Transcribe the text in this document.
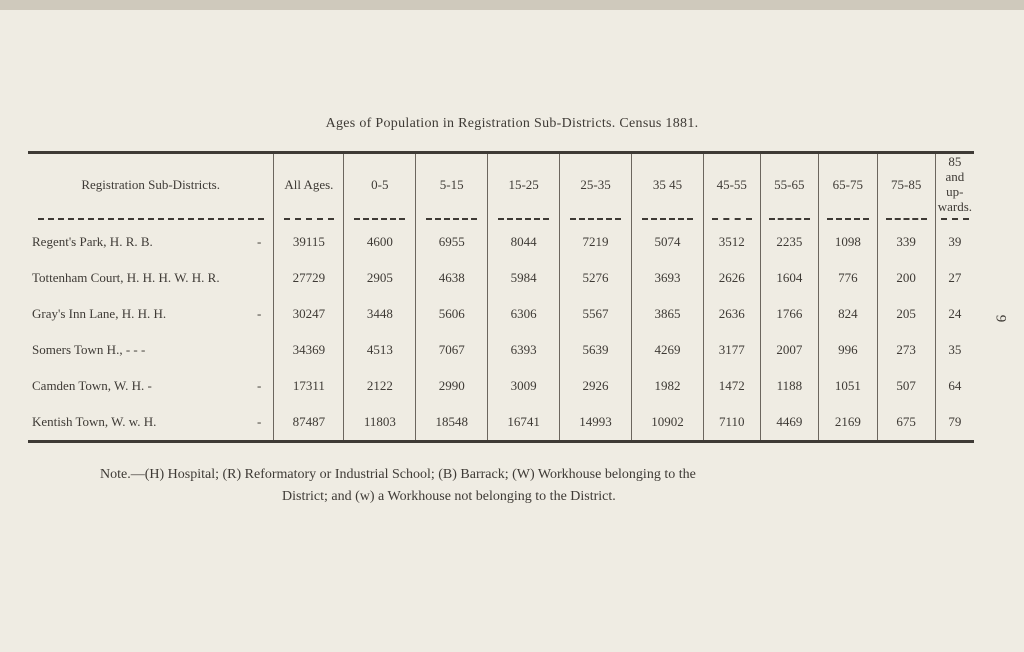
Ages of Population in Registration Sub-Districts. Census 1881.
Registration Sub-Districts.	All Ages.	0-5	5-15	15-25	25-35	35 45	45-55	55-65	65-75	75-85	85 and up-wards.

Regent's Park, H. R. B. -	39115	4600	6955	8044	7219	5074	3512	2235	1098	339	39
Tottenham Court, H. H. H. W. H. R.	27729	2905	4638	5984	5276	3693	2626	1604	776	200	27
Gray's Inn Lane, H. H. H. -	30247	3448	5606	6306	5567	3865	2636	1766	824	205	24
Somers Town H., - - -	34369	4513	7067	6393	5639	4269	3177	2007	996	273	35
Camden Town, W. H. - -	17311	2122	2990	3009	2926	1982	1472	1188	1051	507	64
Kentish Town, W. w. H. -	87487	11803	18548	16741	14993	10902	7110	4469	2169	675	79
Note.—(H) Hospital; (R) Reformatory or Industrial School; (B) Barrack; (W) Workhouse belonging to the
District; and (w) a Workhouse not belonging to the District.
9
